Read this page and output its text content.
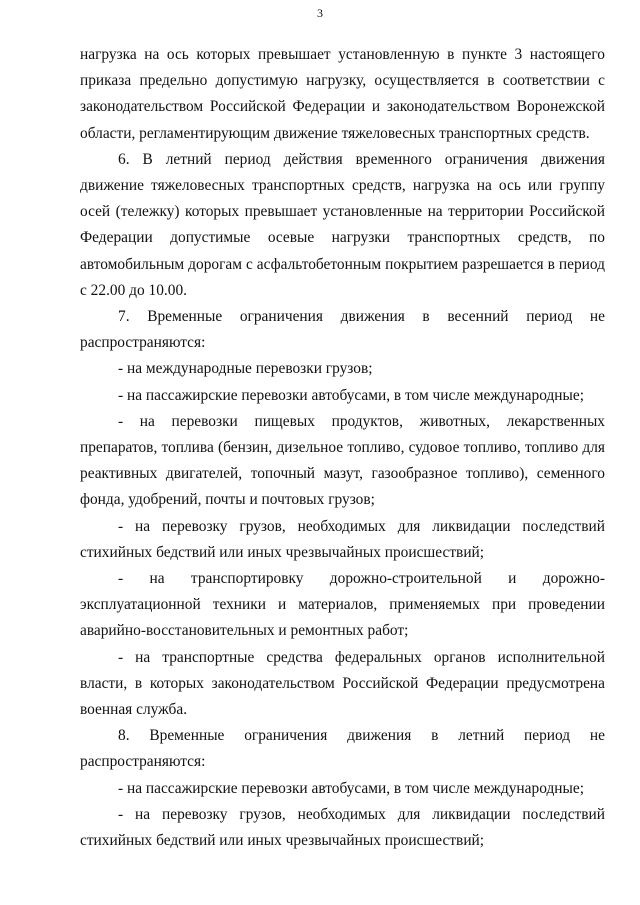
3

нагрузка на ось которых превышает установленную в пункте 3 настоящего приказа предельно допустимую нагрузку, осуществляется в соответствии с законодательством Российской Федерации и законодательством Воронежской области, регламентирующим движение тяжеловесных транспортных средств.

6. В летний период действия временного ограничения движения движение тяжеловесных транспортных средств, нагрузка на ось или группу осей (тележку) которых превышает установленные на территории Российской Федерации допустимые осевые нагрузки транспортных средств, по автомобильным дорогам с асфальтобетонным покрытием разрешается в период с 22.00 до 10.00.

7. Временные ограничения движения в весенний период не

распространяются:

- на международные перевозки грузов;

- на пассажирские перевозки автобусами, в том числе международные;

- на перевозки пищевых продуктов, животных, лекарственных препаратов, топлива (бензин, дизельное топливо, судовое топливо, топливо для реактивных двигателей, топочный мазут, газообразное топливо), семенного фонда, удобрений, почты и почтовых грузов;

- на перевозку грузов, необходимых для ликвидации последствий стихийных бедствий или иных чрезвычайных происшествий;

- на транспортировку дорожно-строительной и дорожно-эксплуатационной техники и материалов, применяемых при проведении аварийно-восстановительных и ремонтных работ;

- на транспортные средства федеральных органов исполнительной власти, в которых законодательством Российской Федерации предусмотрена военная служба.

8. Временные ограничения движения в летний период не

распространяются:

- на пассажирские перевозки автобусами, в том числе международные;

- на перевозку грузов, необходимых для ликвидации последствий стихийных бедствий или иных чрезвычайных происшествий;
